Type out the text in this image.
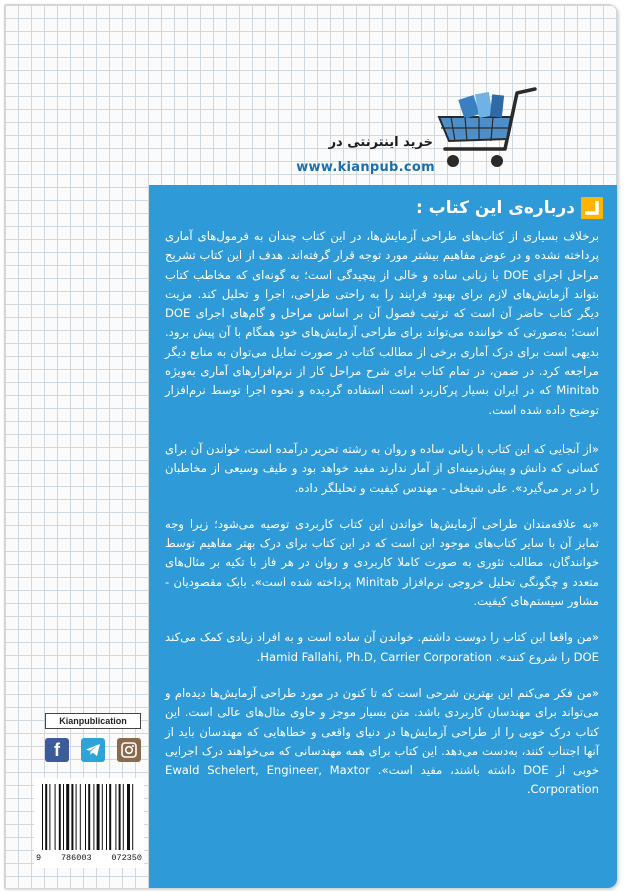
خرید اینترنتی در
www.kianpub.com
درباره‌ی این کتاب :

برخلاف بسیاری از کتاب‌های طراحی آزمایش‌ها، در این کتاب چندان به فرمول‌های آماری پرداخته نشده و در عوض مفاهیم بیشتر مورد توجه قرار گرفته‌اند. هدف از این کتاب تشریح مراحل اجرای DOE با زبانی ساده و خالی از پیچیدگی است؛ به گونه‌ای که مخاطب کتاب بتواند آزمایش‌های لازم برای بهبود فرایند را به راحتی طراحی، اجرا و تحلیل کند. مزیت دیگر کتاب حاضر آن است که ترتیب فصول آن بر اساس مراحل و گام‌های اجرای DOE است؛ به‌صورتی که خواننده می‌تواند برای طراحی آزمایش‌های خود همگام با آن پیش برود. بدیهی است برای درک آماری برخی از مطالب کتاب در صورت تمایل می‌توان به منابع دیگر مراجعه کرد. در ضمن، در تمام کتاب برای شرح مراحل کار از نرم‌افزارهای آماری به‌ویژه Minitab که در ایران بسیار پرکاربرد است استفاده گردیده و نحوه اجرا توسط نرم‌افزار توضیح داده شده است.

«از آنجایی که این کتاب با زبانی ساده و روان به رشته تحریر درآمده است، خواندن آن برای کسانی که دانش و پیش‌زمینه‌ای از آمار ندارند مفید خواهد بود و طیف وسیعی از مخاطبان را در بر می‌گیرد». علی شیخلی - مهندس کیفیت و تحلیلگر داده.

«به علاقه‌مندان طراحی آزمایش‌ها خواندن این کتاب کاربردی توصیه می‌شود؛ زیرا وجه تمایز آن با سایر کتاب‌های موجود این است که در این کتاب برای درک بهتر مفاهیم توسط خوانندگان، مطالب تئوری به صورت کاملا کاربردی و روان در هر فاز با تکیه بر مثال‌های متعدد و چگونگی تحلیل خروجی نرم‌افزار Minitab پرداخته شده است». بابک مقصودیان - مشاور سیستم‌های کیفیت.

«من واقعا این کتاب را دوست داشتم. خواندن آن ساده است و به افراد زیادی کمک می‌کند DOE را شروع کنند». Hamid Fallahi, Ph.D, Carrier Corporation.

«من فکر می‌کنم این بهترین شرحی است که تا کنون در مورد طراحی آزمایش‌ها دیده‌ام و می‌تواند برای مهندسان کاربردی باشد. متن بسیار موجز و حاوی مثال‌های عالی است. این کتاب درک خوبی را از طراحی آزمایش‌ها در دنیای واقعی و خطاهایی که مهندسان باید از آنها اجتناب کنند، به‌دست می‌دهد. این کتاب برای همه مهندسانی که می‌خواهند درک اجرایی خوبی از DOE داشته باشند، مفید است». Ewald Schelert, Engineer, Maxtor Corporation.

Kianpublication
f
9 786003 072350
